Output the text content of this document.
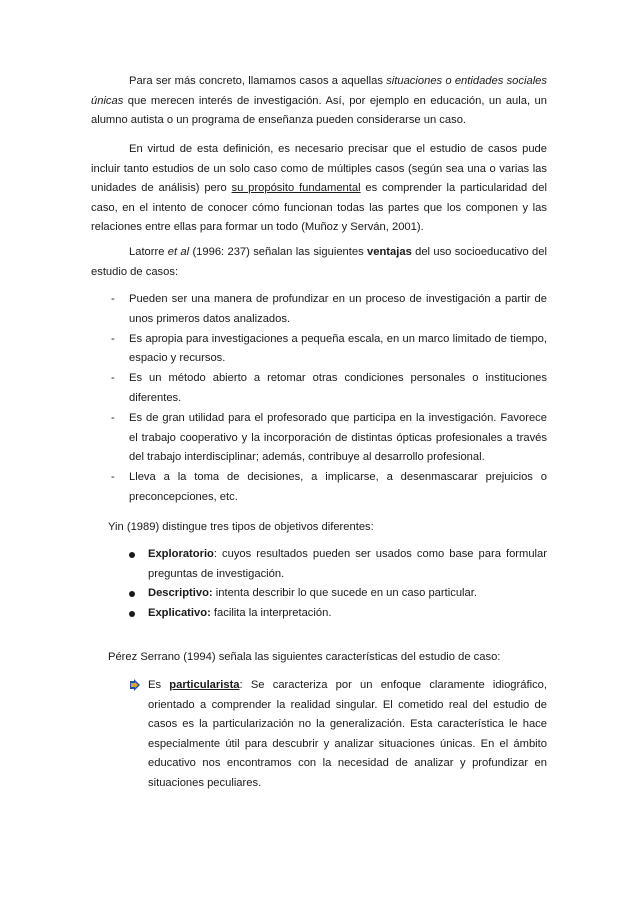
Para ser más concreto, llamamos casos a aquellas situaciones o entidades sociales únicas que merecen interés de investigación. Así, por ejemplo en educación, un aula, un alumno autista o un programa de enseñanza pueden considerarse un caso.

En virtud de esta definición, es necesario precisar que el estudio de casos pude incluir tanto estudios de un solo caso como de múltiples casos (según sea una o varias las unidades de análisis) pero su propósito fundamental es comprender la particularidad del caso, en el intento de conocer cómo funcionan todas las partes que los componen y las relaciones entre ellas para formar un todo (Muñoz y Serván, 2001).

Latorre et al (1996: 237) señalan las siguientes ventajas del uso socioeducativo del estudio de casos:

- Pueden ser una manera de profundizar en un proceso de investigación a partir de unos primeros datos analizados.
- Es apropia para investigaciones a pequeña escala, en un marco limitado de tiempo, espacio y recursos.
- Es un método abierto a retomar otras condiciones personales o instituciones diferentes.
- Es de gran utilidad para el profesorado que participa en la investigación. Favorece el trabajo cooperativo y la incorporación de distintas ópticas profesionales a través del trabajo interdisciplinar; además, contribuye al desarrollo profesional.
- Lleva a la toma de decisiones, a implicarse, a desenmascarar prejuicios o preconcepciones, etc.

Yin (1989) distingue tres tipos de objetivos diferentes:

Exploratorio: cuyos resultados pueden ser usados como base para formular preguntas de investigación.
Descriptivo: intenta describir lo que sucede en un caso particular.
Explicativo: facilita la interpretación.

Pérez Serrano (1994) señala las siguientes características del estudio de caso:

Es particularista: Se caracteriza por un enfoque claramente idiográfico, orientado a comprender la realidad singular. El cometido real del estudio de casos es la particularización no la generalización. Esta característica le hace especialmente útil para descubrir y analizar situaciones únicas. En el ámbito educativo nos encontramos con la necesidad de analizar y profundizar en situaciones peculiares.
